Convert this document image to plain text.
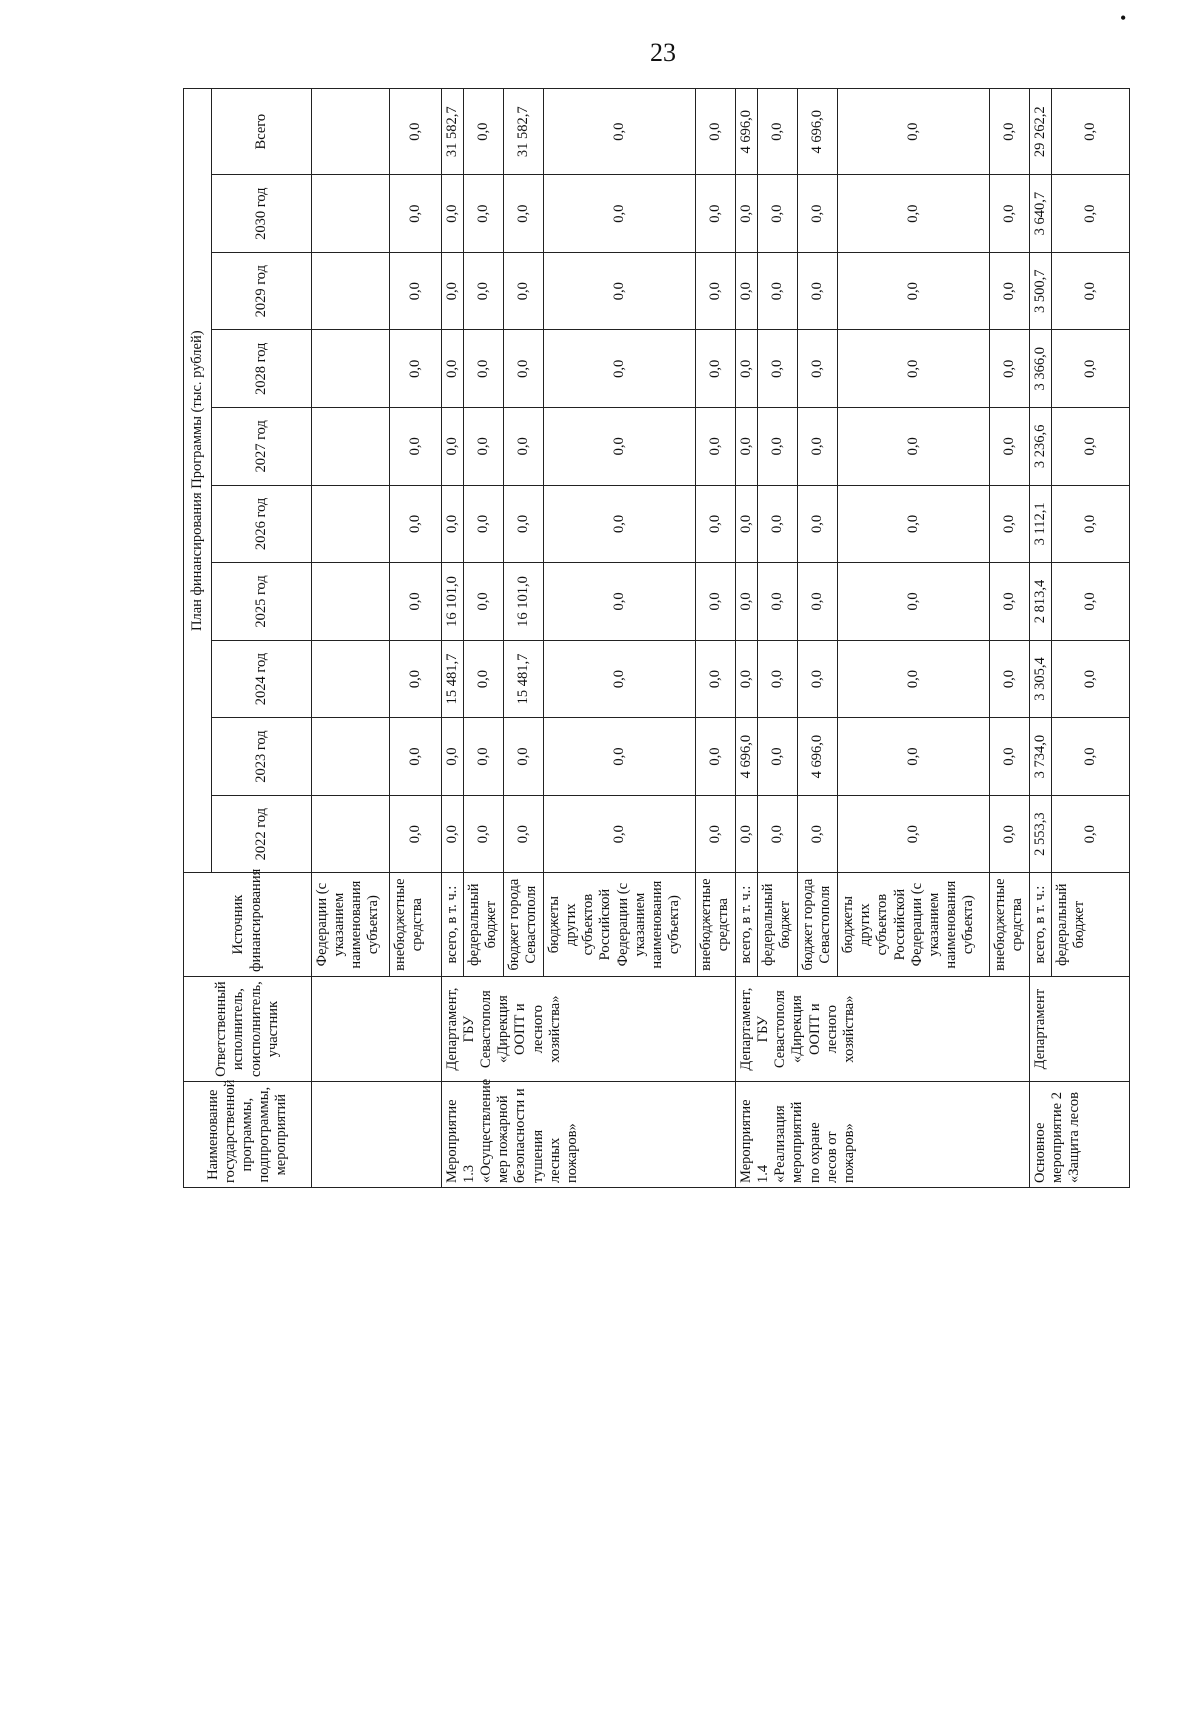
23
•
Наименование государственной программы, подпрограммы, мероприятий	Ответственный исполнитель, соисполнитель, участник	Источник финансирования	План финансирования Программы (тыс. рублей)									
			2022 год	2023 год	2024 год	2025 год	2026 год	2027 год	2028 год	2029 год	2030 год	Всего
		Федерации (с указанием наименования субъекта)										
		внебюджетные средства	0,0	0,0	0,0	0,0	0,0	0,0	0,0	0,0	0,0	0,0
Мероприятие 1.3 «Осуществление мер пожарной безопасности и тушения лесных пожаров»	Департамент, ГБУ Севастополя «Дирекция ООПТ и лесного хозяйства»	всего, в т. ч.:	0,0	0,0	15 481,7	16 101,0	0,0	0,0	0,0	0,0	0,0	31 582,7
		федеральный бюджет	0,0	0,0	0,0	0,0	0,0	0,0	0,0	0,0	0,0	0,0
		бюджет города Севастополя	0,0	0,0	15 481,7	16 101,0	0,0	0,0	0,0	0,0	0,0	31 582,7
		бюджеты других субъектов Российской Федерации (с указанием наименования субъекта)	0,0	0,0	0,0	0,0	0,0	0,0	0,0	0,0	0,0	0,0
		внебюджетные средства	0,0	0,0	0,0	0,0	0,0	0,0	0,0	0,0	0,0	0,0
Мероприятие 1.4 «Реализация мероприятий по охране лесов от пожаров»	Департамент, ГБУ Севастополя «Дирекция ООПТ и лесного хозяйства»	всего, в т. ч.:	0,0	4 696,0	0,0	0,0	0,0	0,0	0,0	0,0	0,0	4 696,0
		федеральный бюджет	0,0	0,0	0,0	0,0	0,0	0,0	0,0	0,0	0,0	0,0
		бюджет города Севастополя	0,0	4 696,0	0,0	0,0	0,0	0,0	0,0	0,0	0,0	4 696,0
		бюджеты других субъектов Российской Федерации (с указанием наименования субъекта)	0,0	0,0	0,0	0,0	0,0	0,0	0,0	0,0	0,0	0,0
		внебюджетные средства	0,0	0,0	0,0	0,0	0,0	0,0	0,0	0,0	0,0	0,0
Основное мероприятие 2 «Защита лесов	Департамент	всего, в т. ч.:	2 553,3	3 734,0	3 305,4	2 813,4	3 112,1	3 236,6	3 366,0	3 500,7	3 640,7	29 262,2
		федеральный бюджет	0,0	0,0	0,0	0,0	0,0	0,0	0,0	0,0	0,0	0,0
